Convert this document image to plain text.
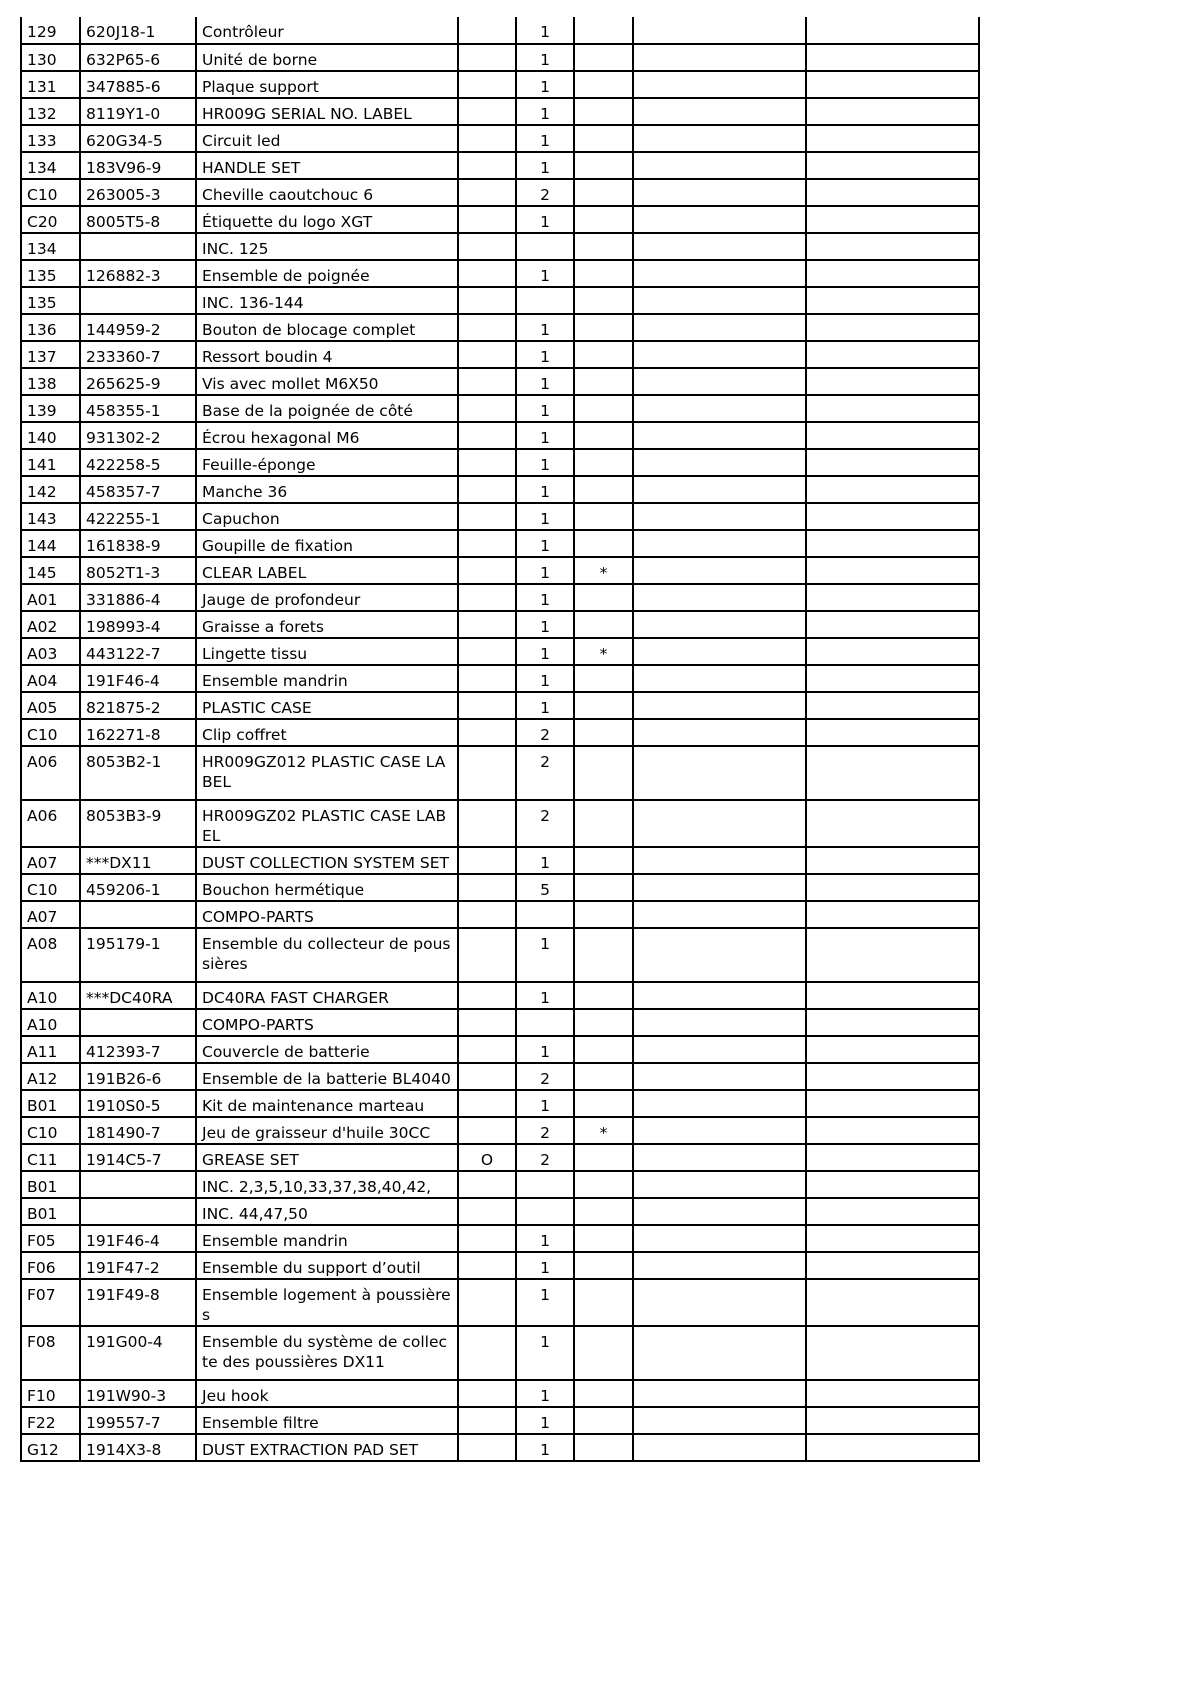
129	620J18-1	Contrôleur		1			
130	632P65-6	Unité de borne		1			
131	347885-6	Plaque support		1			
132	8119Y1-0	HR009G SERIAL NO. LABEL		1			
133	620G34-5	Circuit led		1			
134	183V96-9	HANDLE SET		1			
C10	263005-3	Cheville caoutchouc 6		2			
C20	8005T5-8	Étiquette du logo XGT		1			
134		INC. 125					
135	126882-3	Ensemble de poignée		1			
135		INC. 136-144					
136	144959-2	Bouton de blocage complet		1			
137	233360-7	Ressort boudin 4		1			
138	265625-9	Vis avec mollet M6X50		1			
139	458355-1	Base de la poignée de côté		1			
140	931302-2	Écrou hexagonal M6		1			
141	422258-5	Feuille-éponge		1			
142	458357-7	Manche 36		1			
143	422255-1	Capuchon		1			
144	161838-9	Goupille de fixation		1			
145	8052T1-3	CLEAR LABEL		1	*		
A01	331886-4	Jauge de profondeur		1			
A02	198993-4	Graisse a forets		1			
A03	443122-7	Lingette tissu		1	*		
A04	191F46-4	Ensemble mandrin		1			
A05	821875-2	PLASTIC CASE		1			
C10	162271-8	Clip coffret		2			
A06	8053B2-1	HR009GZ012 PLASTIC CASE LABEL		2			
A06	8053B3-9	HR009GZ02 PLASTIC CASE LABEL		2			
A07	***DX11	DUST COLLECTION SYSTEM SET		1			
C10	459206-1	Bouchon hermétique		5			
A07		COMPO-PARTS					
A08	195179-1	Ensemble du collecteur de poussières		1			
A10	***DC40RA	DC40RA FAST CHARGER		1			
A10		COMPO-PARTS					
A11	412393-7	Couvercle de batterie		1			
A12	191B26-6	Ensemble de la batterie BL4040		2			
B01	1910S0-5	Kit de maintenance marteau		1			
C10	181490-7	Jeu de graisseur d'huile 30CC		2	*		
C11	1914C5-7	GREASE SET	O	2			
B01		INC. 2,3,5,10,33,37,38,40,42,					
B01		INC. 44,47,50					
F05	191F46-4	Ensemble mandrin		1			
F06	191F47-2	Ensemble du support d’outil		1			
F07	191F49-8	Ensemble logement à poussières		1			
F08	191G00-4	Ensemble du système de collecte des poussières DX11		1			
F10	191W90-3	Jeu hook		1			
F22	199557-7	Ensemble filtre		1			
G12	1914X3-8	DUST EXTRACTION PAD SET		1			
